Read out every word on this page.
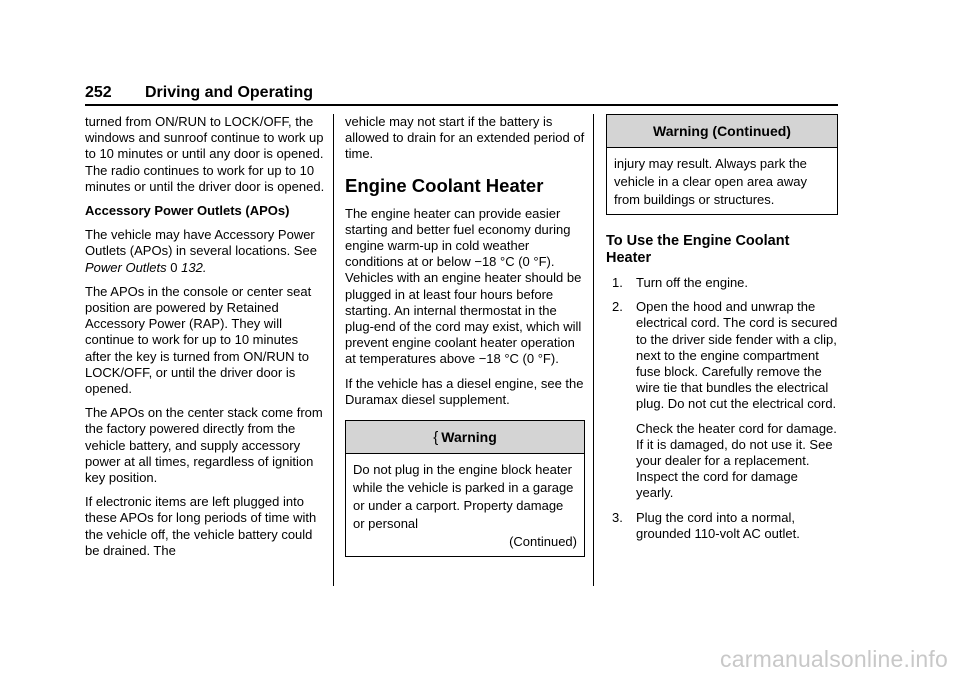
252 Driving and Operating

turned from ON/RUN to LOCK/OFF, the windows and sunroof continue to work up to 10 minutes or until any door is opened. The radio continues to work for up to 10 minutes or until the driver door is opened.

Accessory Power Outlets (APOs)

The vehicle may have Accessory Power Outlets (APOs) in several locations. See Power Outlets 0 132.

The APOs in the console or center seat position are powered by Retained Accessory Power (RAP). They will continue to work for up to 10 minutes after the key is turned from ON/RUN to LOCK/OFF, or until the driver door is opened.

The APOs on the center stack come from the factory powered directly from the vehicle battery, and supply accessory power at all times, regardless of ignition key position.

If electronic items are left plugged into these APOs for long periods of time with the vehicle off, the vehicle battery could be drained. The

vehicle may not start if the battery is allowed to drain for an extended period of time.

Engine Coolant Heater

The engine heater can provide easier starting and better fuel economy during engine warm-up in cold weather conditions at or below −18 °C (0 °F). Vehicles with an engine heater should be plugged in at least four hours before starting. An internal thermostat in the plug-end of the cord may exist, which will prevent engine coolant heater operation at temperatures above −18 °C (0 °F).

If the vehicle has a diesel engine, see the Duramax diesel supplement.

{ Warning
Do not plug in the engine block heater while the vehicle is parked in a garage or under a carport. Property damage or personal
(Continued)
Warning (Continued)
injury may result. Always park the vehicle in a clear open area away from buildings or structures.
To Use the Engine Coolant Heater
1. Turn off the engine.

2. Open the hood and unwrap the electrical cord. The cord is secured to the driver side fender with a clip, next to the engine compartment fuse block. Carefully remove the wire tie that bundles the electrical plug. Do not cut the electrical cord.

Check the heater cord for damage. If it is damaged, do not use it. See your dealer for a replacement. Inspect the cord for damage yearly.

3. Plug the cord into a normal, grounded 110-volt AC outlet.

carmanualsonline.info
